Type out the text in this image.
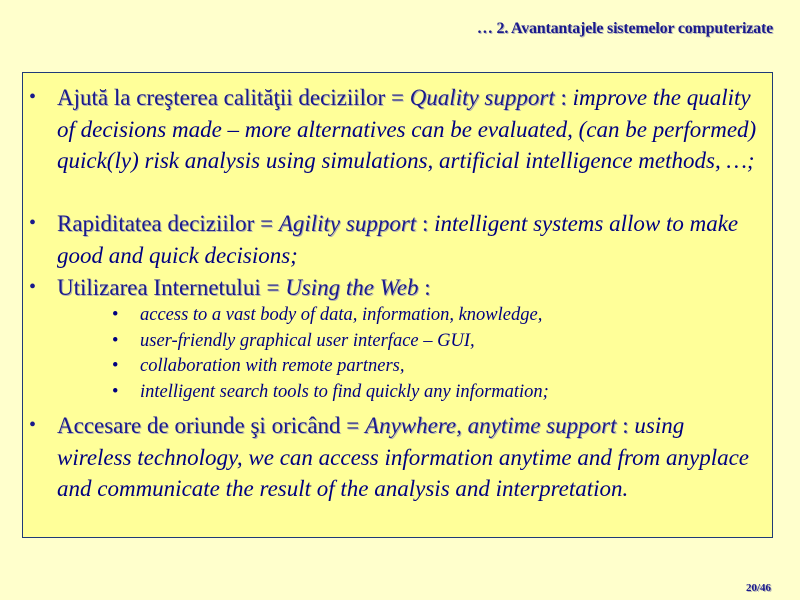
… 2. Avantantajele sistemelor computerizate
• Ajută la creşterea calităţii deciziilor = Quality support : improve the quality of decisions made – more alternatives can be evaluated, (can be performed) quick(ly) risk analysis using simulations, artificial intelligence methods, …;
• Rapiditatea deciziilor = Agility support : intelligent systems allow to make good and quick decisions;
• Utilizarea Internetului = Using the Web :
• Accesare de oriunde şi oricând = Anywhere, anytime support : using wireless technology, we can access information anytime and from anyplace and communicate the result of the analysis and interpretation.
• access to a vast body of data, information, knowledge,
• user-friendly graphical user interface – GUI,
• collaboration with remote partners,
• intelligent search tools to find quickly any information;
20/46
